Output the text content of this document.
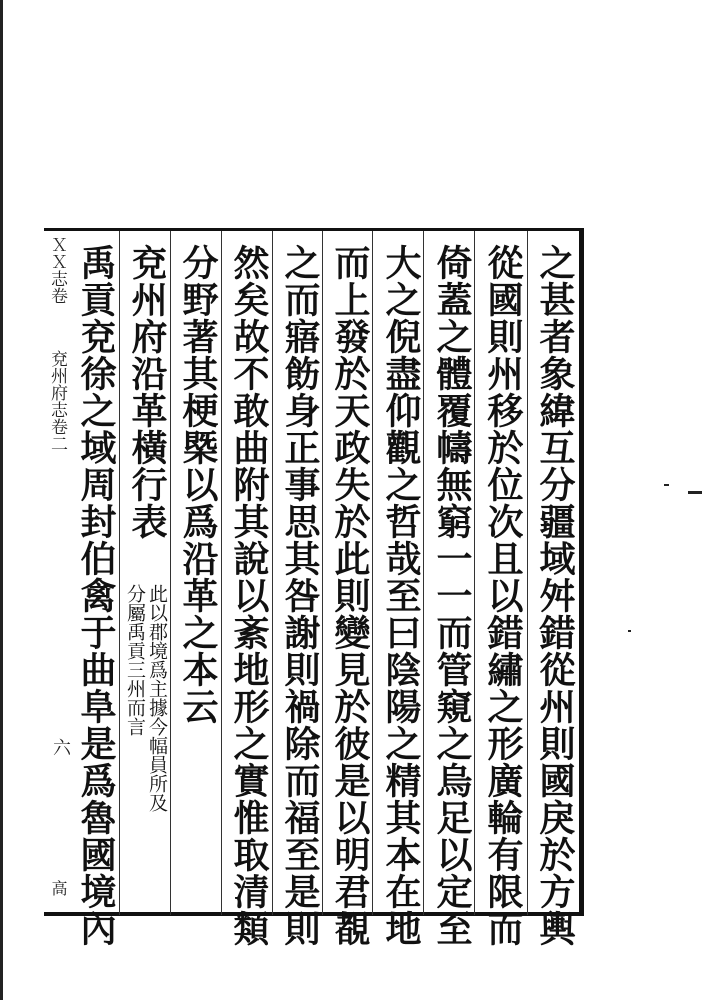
ＸＸ志卷
兗州府志卷二
六
高	之甚者象緯互分疆域舛錯從州則國戾於方輿
從國則州移於位次且以錯繡之形廣輪有限而
倚蓋之體覆幬無窮一一而管窺之烏足以定至
大之倪盡仰觀之哲哉至曰陰陽之精其本在地
而上發於天政失於此則變見於彼是以明君覩
之而寤飭身正事思其咎謝則禍除而福至是則
然矣故不敢曲附其說以紊地形之實惟取清類
分野著其梗槩以爲沿革之本云
兗州府沿革橫行表
此以郡境爲主據今幅員所及
分屬禹貢三州而言
禹貢兗徐之域周封伯禽于曲阜是爲魯國境內
